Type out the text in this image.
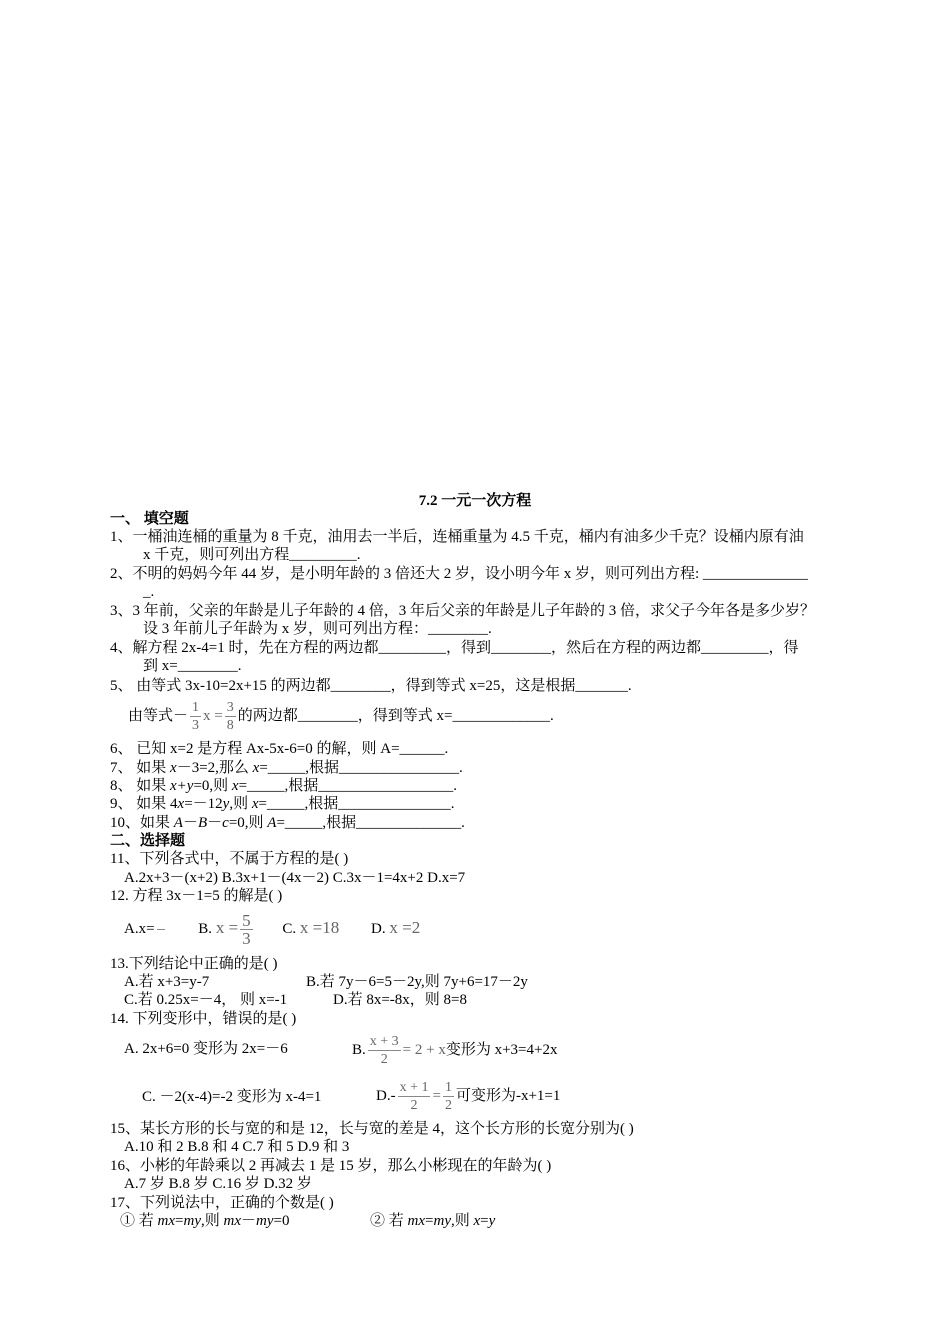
7.2 一元一次方程
一、 填空题
1、一桶油连桶的重量为 8 千克，油用去一半后，连桶重量为 4.5 千克，桶内有油多少千克？设桶内原有油
x 千克，则可列出方程_________.
2、不明的妈妈今年 44 岁，是小明年龄的 3 倍还大 2 岁，设小明今年 x 岁，则可列出方程: ______________
_.
3、3 年前，父亲的年龄是儿子年龄的 4 倍，3 年后父亲的年龄是儿子年龄的 3 倍，求父子今年各是多少岁？
设 3 年前儿子年龄为 x 岁，则可列出方程：________.
4、解方程 2x-4=1 时，先在方程的两边都_________，得到________，然后在方程的两边都_________，得
到 x=________.
5、 由等式 3x-10=2x+15 的两边都________，得到等式 x=25，这是根据_______.
由等式－ $\frac{1}{3}$ $x = \frac{3}{8}$ 的两边都________，得到等式 x=_____________.
6、 已知 x=2 是方程 Ax-5x-6=0 的解，则 A=______.
7、 如果 x－3=2,那么 x=_____,根据________________.
8、 如果 x+y=0,则 x=_____,根据__________________.
9、 如果 4x=－12y,则 x=_____,根据_______________.
10、如果 A－B－c=0,则 A=_____,根据______________.
二、选择题
11、下列各式中，不属于方程的是( )
A.2x+3－(x+2) B.3x+1－(4x－2) C.3x－1=4x+2 D.x=7
12. 方程 3x－1=5 的解是( )
A.x=

	B. $x = \frac{5}{3} C$. x =18 D. x =2
13.下列结论中正确的是( )
A.若 x+3=y-7	B.若 7y－6=5－2y,则 7y+6=17－2y
C.若 0.25x=－4， 则 x=-1	D.若 8x=-8x，则 8=8
14. 下列变形中，错误的是( )
A. 2x+6=0 变形为 2x=－6	B. $\frac{x + 3}{2} = 2 + x$变形为 x+3=4+2x
C. －2(x-4)=-2 变形为 x-4=1	$D.- \frac{x + 1}{2} = \frac{1}{2}$ 可变形为-x+1=1
15、某长方形的长与宽的和是 12，长与宽的差是 4，这个长方形的长宽分别为( )
A.10 和 2 B.8 和 4 C.7 和 5 D.9 和 3
16、小彬的年龄乘以 2 再减去 1 是 15 岁，那么小彬现在的年龄为( )
A.7 岁 B.8 岁 C.16 岁 D.32 岁
17、下列说法中，正确的个数是( )
① 若 mx=my,则 mx－my=0	② 若 mx=my,则 x=y
